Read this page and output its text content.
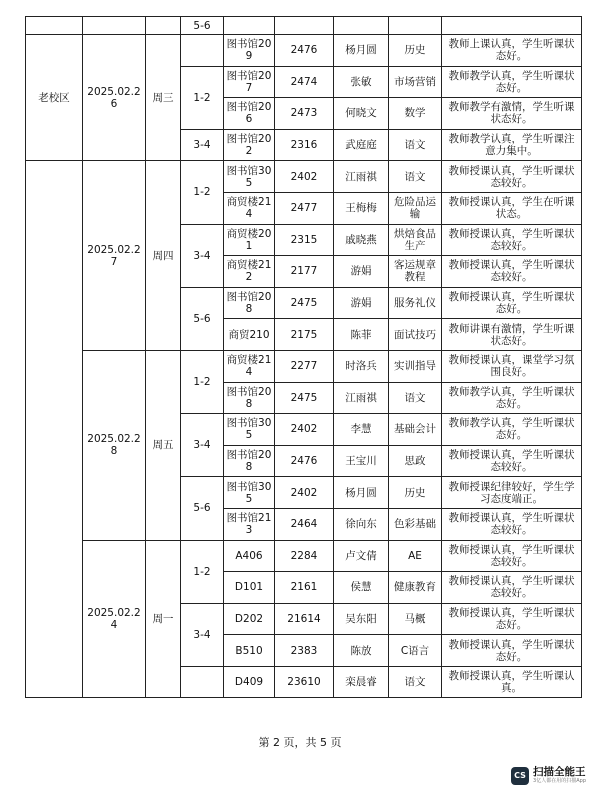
			5-6					
老校区	2025.02.26	周三		图书馆209	2476	杨月圆	历史	教师上课认真，学生听课状态好。
			1-2	图书馆207	2474	张敏	市场营销	教师教学认真，学生听课状态好。
				图书馆206	2473	何晓文	数学	教师教学有激情，学生听课状态好。
			3-4	图书馆202	2316	武庭庭	语文	教师教学认真，学生听课注意力集中。
	2025.02.27	周四	1-2	图书馆305	2402	江雨祺	语文	教师授课认真，学生听课状态较好。
				商贸楼214	2477	王梅梅	危险品运输	教师授课认真，学生在听课状态。
			3-4	商贸楼201	2315	戚晓燕	烘焙食品生产	教师授课认真，学生听课状态较好。
				商贸楼212	2177	游娟	客运规章教程	教师授课认真，学生听课状态较好。
			5-6	图书馆208	2475	游娟	服务礼仪	教师授课认真，学生听课状态好。
				商贸210	2175	陈菲	面试技巧	教师讲课有激情，学生听课状态好。
	2025.02.28	周五	1-2	商贸楼214	2277	时洛兵	实训指导	教师授课认真，课堂学习氛围良好。
				图书馆208	2475	江雨祺	语文	教师教学认真，学生听课状态好。
			3-4	图书馆305	2402	李慧	基础会计	教师教学认真，学生听课状态好。
				图书馆208	2476	王宝川	思政	教师授课认真，学生听课状态较好。
			5-6	图书馆305	2402	杨月圆	历史	教师授课纪律较好，学生学习态度端正。
				图书馆213	2464	徐向东	色彩基础	教师授课认真，学生听课状态较好。
	2025.02.24	周一	1-2	A406	2284	卢文倩	AE	教师授课认真，学生听课状态较好。
				D101	2161	侯慧	健康教育	教师授课认真，学生听课状态较好。
			3-4	D202	21614	吴东阳	马概	教师授课认真，学生听课状态好。
				B510	2383	陈放	C语言	教师授课认真，学生听课状态好。
				D409	23610	栾晨睿	语文	教师授课认真，学生听课认真。
第 2 页，共 5 页
CS 扫描全能王
3亿人都在用的扫描App
